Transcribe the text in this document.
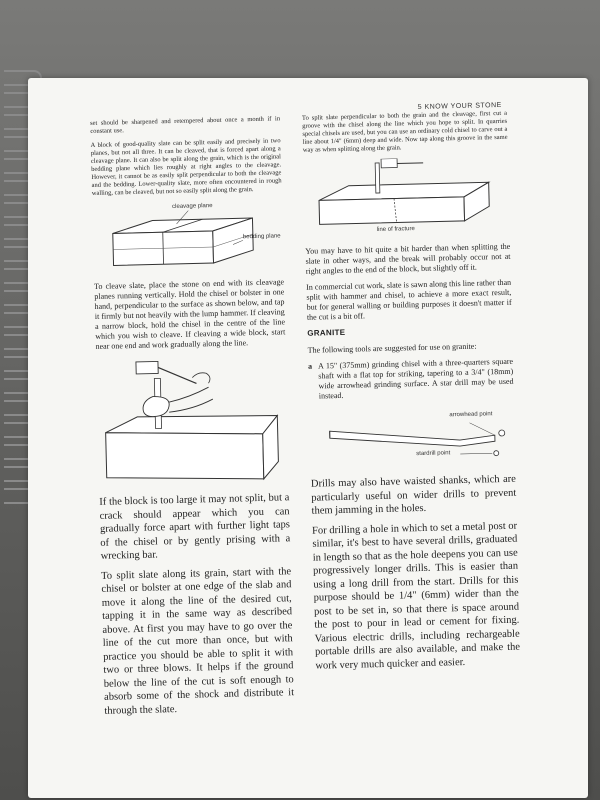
5 KNOW YOUR STONE

set should be sharpened and retempered about once a month if in constant use.

A block of good-quality slate can be split easily and precisely in two planes, but not all three. It can be cleaved, that is forced apart along a cleavage plane. It can also be split along the grain, which is the original bedding plane which lies roughly at right angles to the cleavage. However, it cannot be as easily split perpendicular to both the cleavage and the bedding. Lower-quality slate, more often encountered in rough walling, can be cleaved, but not so easily split along the grain.

cleavage plane
bedding plane

To cleave slate, place the stone on end with its cleavage planes running vertically. Hold the chisel or bolster in one hand, perpendicular to the surface as shown below, and tap it firmly but not heavily with the lump hammer. If cleaving a narrow block, hold the chisel in the centre of the line which you wish to cleave. If cleaving a wide block, start near one end and work gradually along the line.

If the block is too large it may not split, but a crack should appear which you can gradually force apart with further light taps of the chisel or by gently prising with a wrecking bar.

To split slate along its grain, start with the chisel or bolster at one edge of the slab and move it along the line of the desired cut, tapping it in the same way as described above. At first you may have to go over the line of the cut more than once, but with practice you should be able to split it with two or three blows. It helps if the ground below the line of the cut is soft enough to absorb some of the shock and distribute it through the slate.

To split slate perpendicular to both the grain and the cleavage, first cut a groove with the chisel along the line which you hope to split. In quarries special chisels are used, but you can use an ordinary cold chisel to carve out a line about 1/4" (6mm) deep and wide. Now tap along this groove in the same way as when splitting along the grain.

line of fracture

You may have to hit quite a bit harder than when splitting the slate in other ways, and the break will probably occur not at right angles to the end of the block, but slightly off it.

In commercial cut work, slate is sawn along this line rather than split with hammer and chisel, to achieve a more exact result, but for general walling or building purposes it doesn't matter if the cut is a bit off.

GRANITE

The following tools are suggested for use on granite:

a A 15" (375mm) grinding chisel with a three-quarters square shaft with a flat top for striking, tapering to a 3/4" (18mm) wide arrowhead grinding surface. A star drill may be used instead.

arrowhead point
stardrill point

Drills may also have waisted shanks, which are particularly useful on wider drills to prevent them jamming in the holes.

For drilling a hole in which to set a metal post or similar, it's best to have several drills, graduated in length so that as the hole deepens you can use progressively longer drills. This is easier than using a long drill from the start. Drills for this purpose should be 1/4" (6mm) wider than the post to be set in, so that there is space around the post to pour in lead or cement for fixing. Various electric drills, including rechargeable portable drills are also available, and make the work very much quicker and easier.
